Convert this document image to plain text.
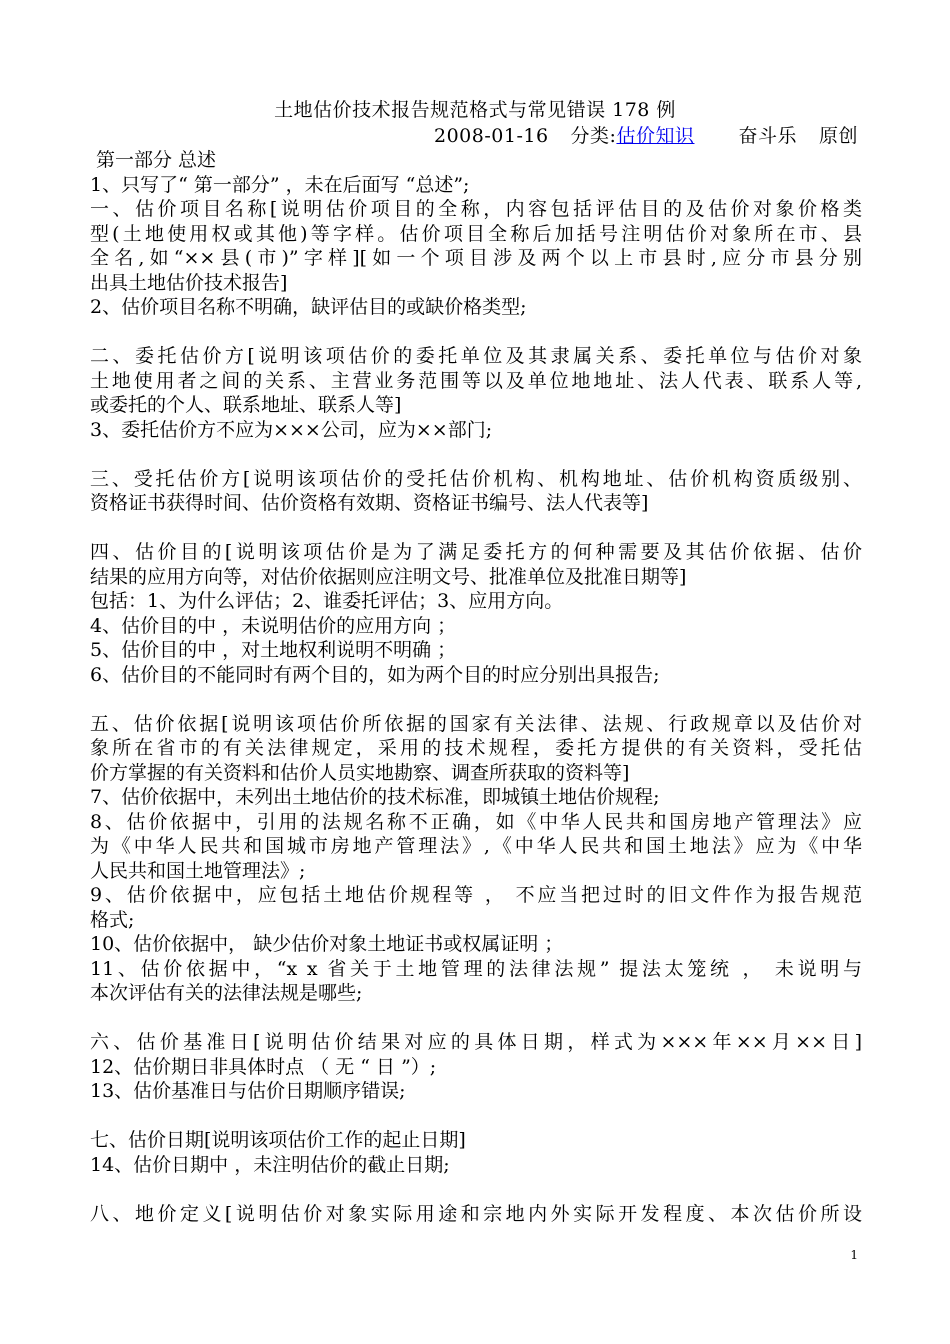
土地估价技术报告规范格式与常见错误 178 例
2008-01-16 分类:估价知识 奋斗乐 原创
第一部分 总述
1、只写了“ 第一部分” ，未在后面写 “总述”;
一、估价项目名称[说明估价项目的全称，内容包括评估目的及估价对象价格类
型(土地使用权或其他)等字样。估价项目全称后加括号注明估价对象所在市、县
全名,如“××县(市)”字样][如一个项目涉及两个以上市县时,应分市县分别
出具土地估价技术报告]
2、估价项目名称不明确，缺评估目的或缺价格类型;
二、委托估价方[说明该项估价的委托单位及其隶属关系、委托单位与估价对象
土地使用者之间的关系、主营业务范围等以及单位地地址、法人代表、联系人等,
或委托的个人、联系地址、联系人等]
3、委托估价方不应为×××公司，应为××部门;
三、受托估价方[说明该项估价的受托估价机构、机构地址、估价机构资质级别、
资格证书获得时间、估价资格有效期、资格证书编号、法人代表等]
四、估价目的[说明该项估价是为了满足委托方的何种需要及其估价依据、估价
结果的应用方向等，对估价依据则应注明文号、批准单位及批准日期等]
包括：1、为什么评估；2、谁委托评估；3、应用方向。
4、估价目的中 ，未说明估价的应用方向 ；
5、估价目的中 ，对土地权利说明不明确 ；
6、估价目的不能同时有两个目的，如为两个目的时应分别出具报告;
五、估价依据[说明该项估价所依据的国家有关法律、法规、行政规章以及估价对
象所在省市的有关法律规定，采用的技术规程，委托方提供的有关资料，受托估
价方掌握的有关资料和估价人员实地勘察、调查所获取的资料等]
7、估价依据中，未列出土地估价的技术标准，即城镇土地估价规程;
8、估价依据中，引用的法规名称不正确，如《中华人民共和国房地产管理法》应
为《中华人民共和国城市房地产管理法》,《中华人民共和国土地法》应为《中华
人民共和国土地管理法》;
9、估价依据中，应包括土地估价规程等 ， 不应当把过时的旧文件作为报告规范
格式;
10、估价依据中， 缺少估价对象土地证书或权属证明 ；
11、估价依据中，“x x 省关于土地管理的法律法规” 提法太笼统 ， 未说明与
本次评估有关的法律法规是哪些;
六、估价基准日[说明估价结果对应的具体日期，样式为×××年××月××日]
12、估价期日非具体时点 （ 无 “ 日 ”）;
13、估价基准日与估价日期顺序错误;
七、估价日期[说明该项估价工作的起止日期]
14、估价日期中 ，未注明估价的截止日期;
八、地价定义[说明估价对象实际用途和宗地内外实际开发程度、本次估价所设
1
